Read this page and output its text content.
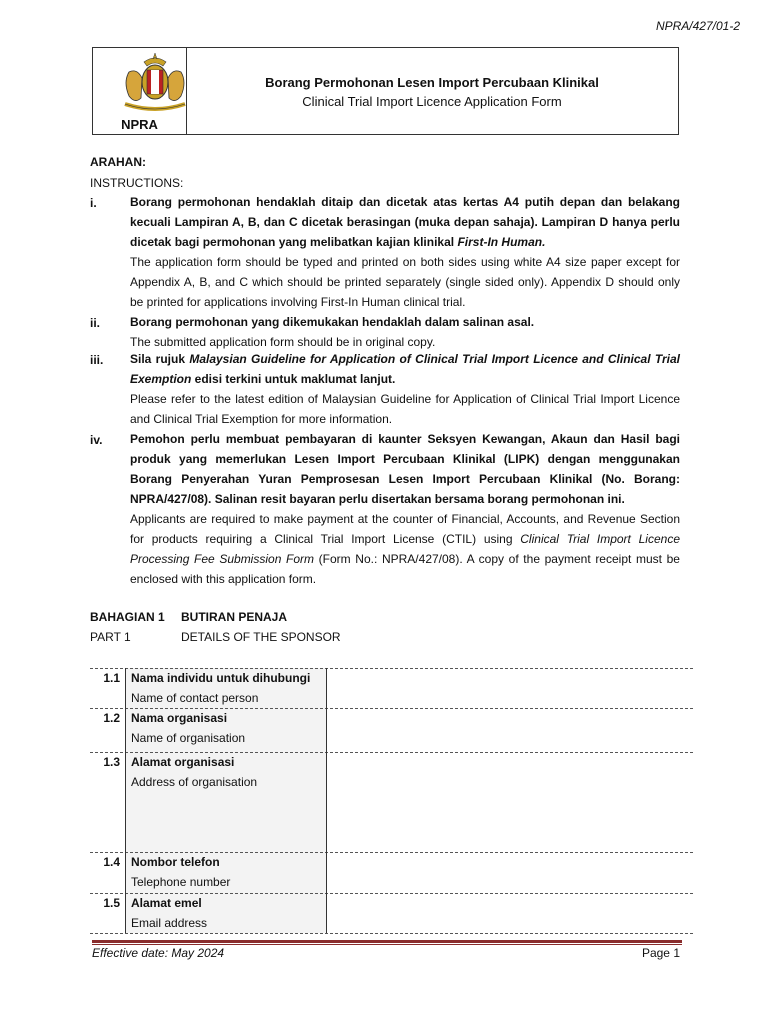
NPRA/427/01-2
NPRA
Borang Permohonan Lesen Import Percubaan Klinikal
Clinical Trial Import Licence Application Form
ARAHAN:
INSTRUCTIONS:
i.	Borang permohonan hendaklah ditaip dan dicetak atas kertas A4 putih depan dan belakang kecuali Lampiran A, B, dan C dicetak berasingan (muka depan sahaja). Lampiran D hanya perlu dicetak bagi permohonan yang melibatkan kajian klinikal First-In Human.
The application form should be typed and printed on both sides using white A4 size paper except for Appendix A, B, and C which should be printed separately (single sided only). Appendix D should only be printed for applications involving First-In Human clinical trial.
ii.	Borang permohonan yang dikemukakan hendaklah dalam salinan asal.
The submitted application form should be in original copy.
iii.	Sila rujuk Malaysian Guideline for Application of Clinical Trial Import Licence and Clinical Trial Exemption edisi terkini untuk maklumat lanjut.
Please refer to the latest edition of Malaysian Guideline for Application of Clinical Trial Import Licence and Clinical Trial Exemption for more information.
iv.	Pemohon perlu membuat pembayaran di kaunter Seksyen Kewangan, Akaun dan Hasil bagi produk yang memerlukan Lesen Import Percubaan Klinikal (LIPK) dengan menggunakan Borang Penyerahan Yuran Pemprosesan Lesen Import Percubaan Klinikal (No. Borang: NPRA/427/08). Salinan resit bayaran perlu disertakan bersama borang permohonan ini.
Applicants are required to make payment at the counter of Financial, Accounts, and Revenue Section for products requiring a Clinical Trial Import License (CTIL) using Clinical Trial Import Licence Processing Fee Submission Form (Form No.: NPRA/427/08). A copy of the payment receipt must be enclosed with this application form.
BAHAGIAN 1 BUTIRAN PENAJA
PART 1	DETAILS OF THE SPONSOR
1.1 Nama individu untuk dihubungi
Name of contact person
1.2 Nama organisasi
Name of organisation
1.3 Alamat organisasi
Address of organisation
1.4 Nombor telefon
Telephone number
1.5 Alamat emel
Email address
Effective date: May 2024	Page 1
